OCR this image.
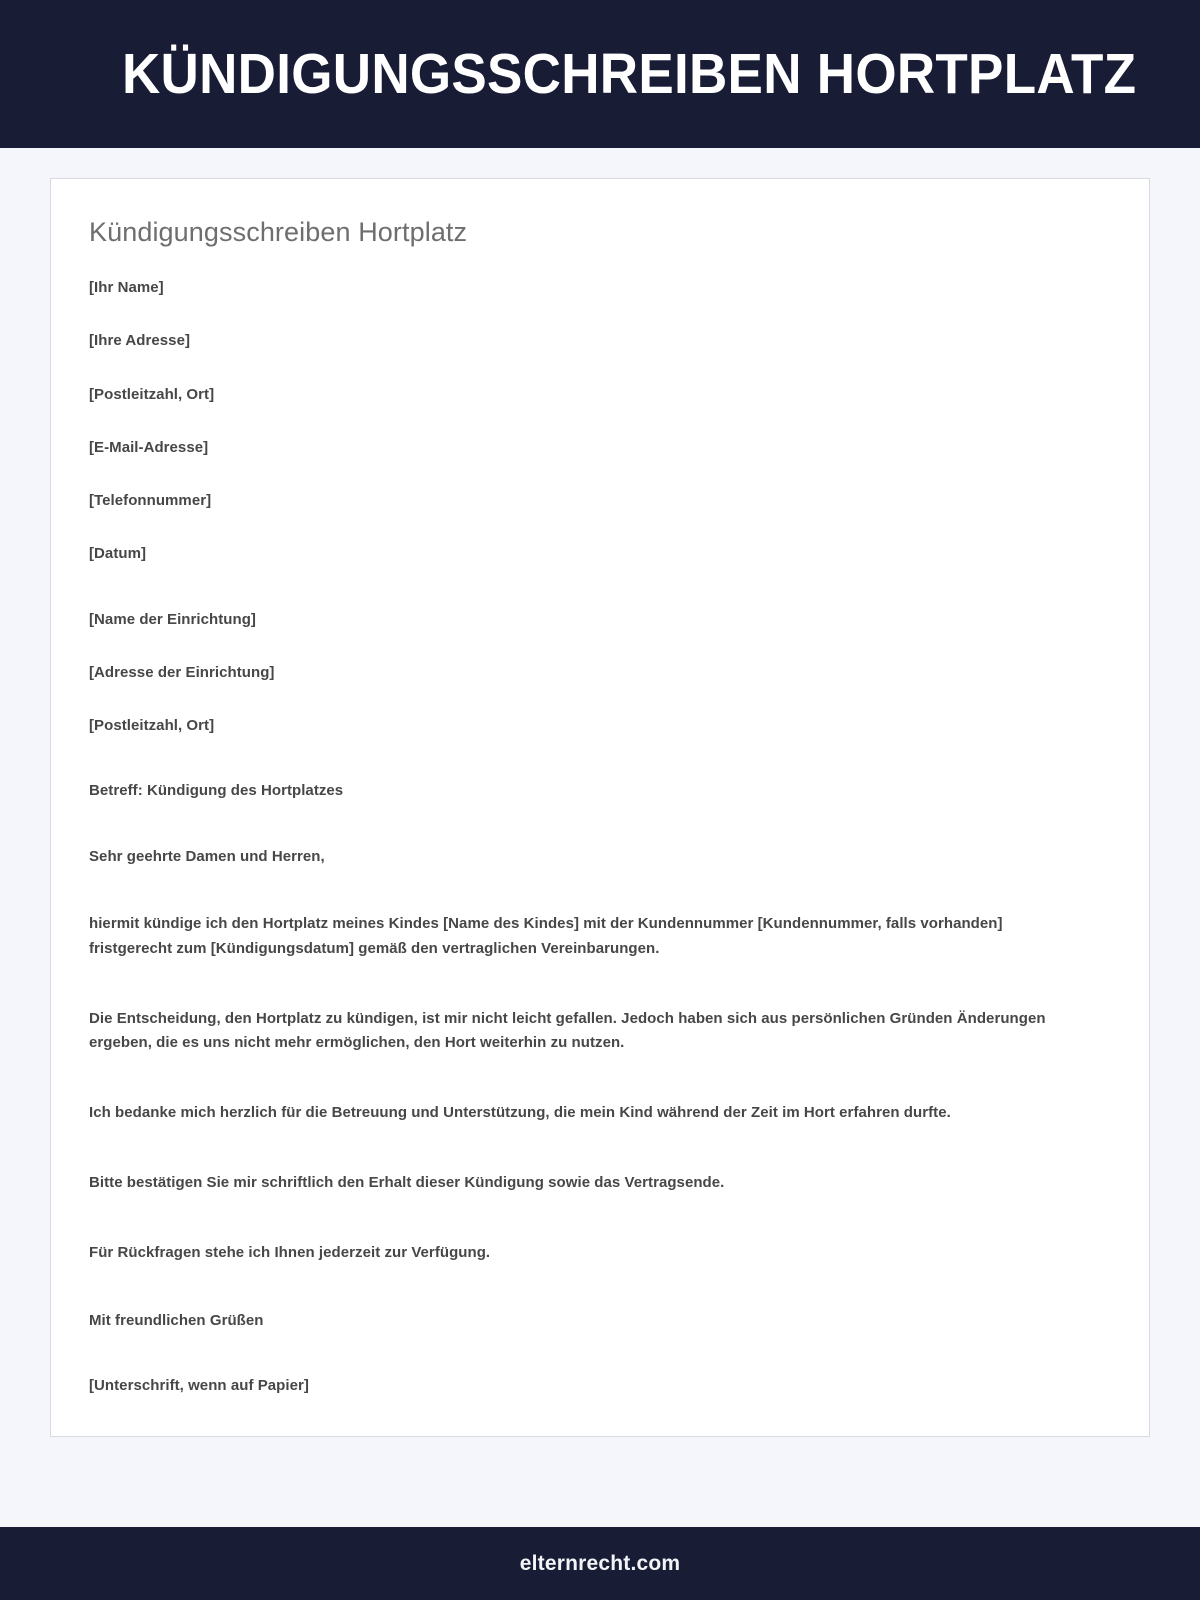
KÜNDIGUNGSSCHREIBEN HORTPLATZ
Kündigungsschreiben Hortplatz

[Ihr Name]

[Ihre Adresse]

[Postleitzahl, Ort]

[E-Mail-Adresse]

[Telefonnummer]

[Datum]

[Name der Einrichtung]

[Adresse der Einrichtung]

[Postleitzahl, Ort]

Betreff: Kündigung des Hortplatzes

Sehr geehrte Damen und Herren,

hiermit kündige ich den Hortplatz meines Kindes [Name des Kindes] mit der Kundennummer [Kundennummer, falls vorhanden] fristgerecht zum [Kündigungsdatum] gemäß den vertraglichen Vereinbarungen.

Die Entscheidung, den Hortplatz zu kündigen, ist mir nicht leicht gefallen. Jedoch haben sich aus persönlichen Gründen Änderungen ergeben, die es uns nicht mehr ermöglichen, den Hort weiterhin zu nutzen.

Ich bedanke mich herzlich für die Betreuung und Unterstützung, die mein Kind während der Zeit im Hort erfahren durfte.

Bitte bestätigen Sie mir schriftlich den Erhalt dieser Kündigung sowie das Vertragsende.

Für Rückfragen stehe ich Ihnen jederzeit zur Verfügung.

Mit freundlichen Grüßen

[Unterschrift, wenn auf Papier]

elternrecht.com
